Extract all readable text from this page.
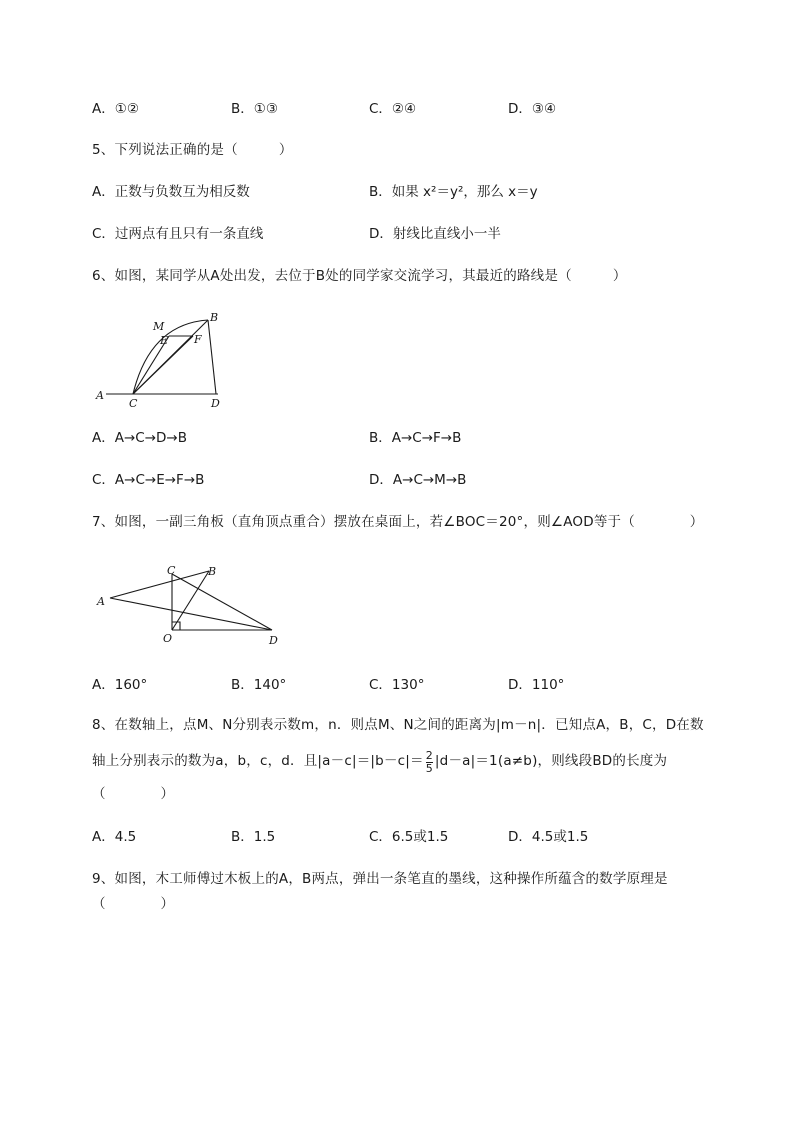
A．①②	B．①③	C．②④	D．③④
5、下列说法正确的是（　　　）
A．正数与负数互为相反数	B．如果 x²＝y²，那么 x＝y
C．过两点有且只有一条直线	D．射线比直线小一半
6、如图，某同学从A处出发，去位于B处的同学家交流学习，其最近的路线是（　　　）
M
B
E F
A
C	D
A．A→C→D→B	B．A→C→F→B
C．A→C→E→F→B	D．A→C→M→B
7、如图，一副三角板（直角顶点重合）摆放在桌面上，若∠BOC＝20°，则∠AOD等于（　　　　）
C	B
A
O	D
A．160°	B．140°	C．130°	D．110°
8、在数轴上，点M、N分别表示数m，n．则点M、N之间的距离为|m－n|．已知点A，B，C，D在数
轴上分别表示的数为a，b，c，d．且$|a-c|=|b-c|= \frac{2}{5} |d-a|=1(a\ne b)$，则线段BD的长度为
（　　　　）
A．4.5	B．1.5	C．6.5或1.5	D．4.5或1.5
9、如图，木工师傅过木板上的A，B两点，弹出一条笔直的墨线，这种操作所蕴含的数学原理是
（　　　　）
